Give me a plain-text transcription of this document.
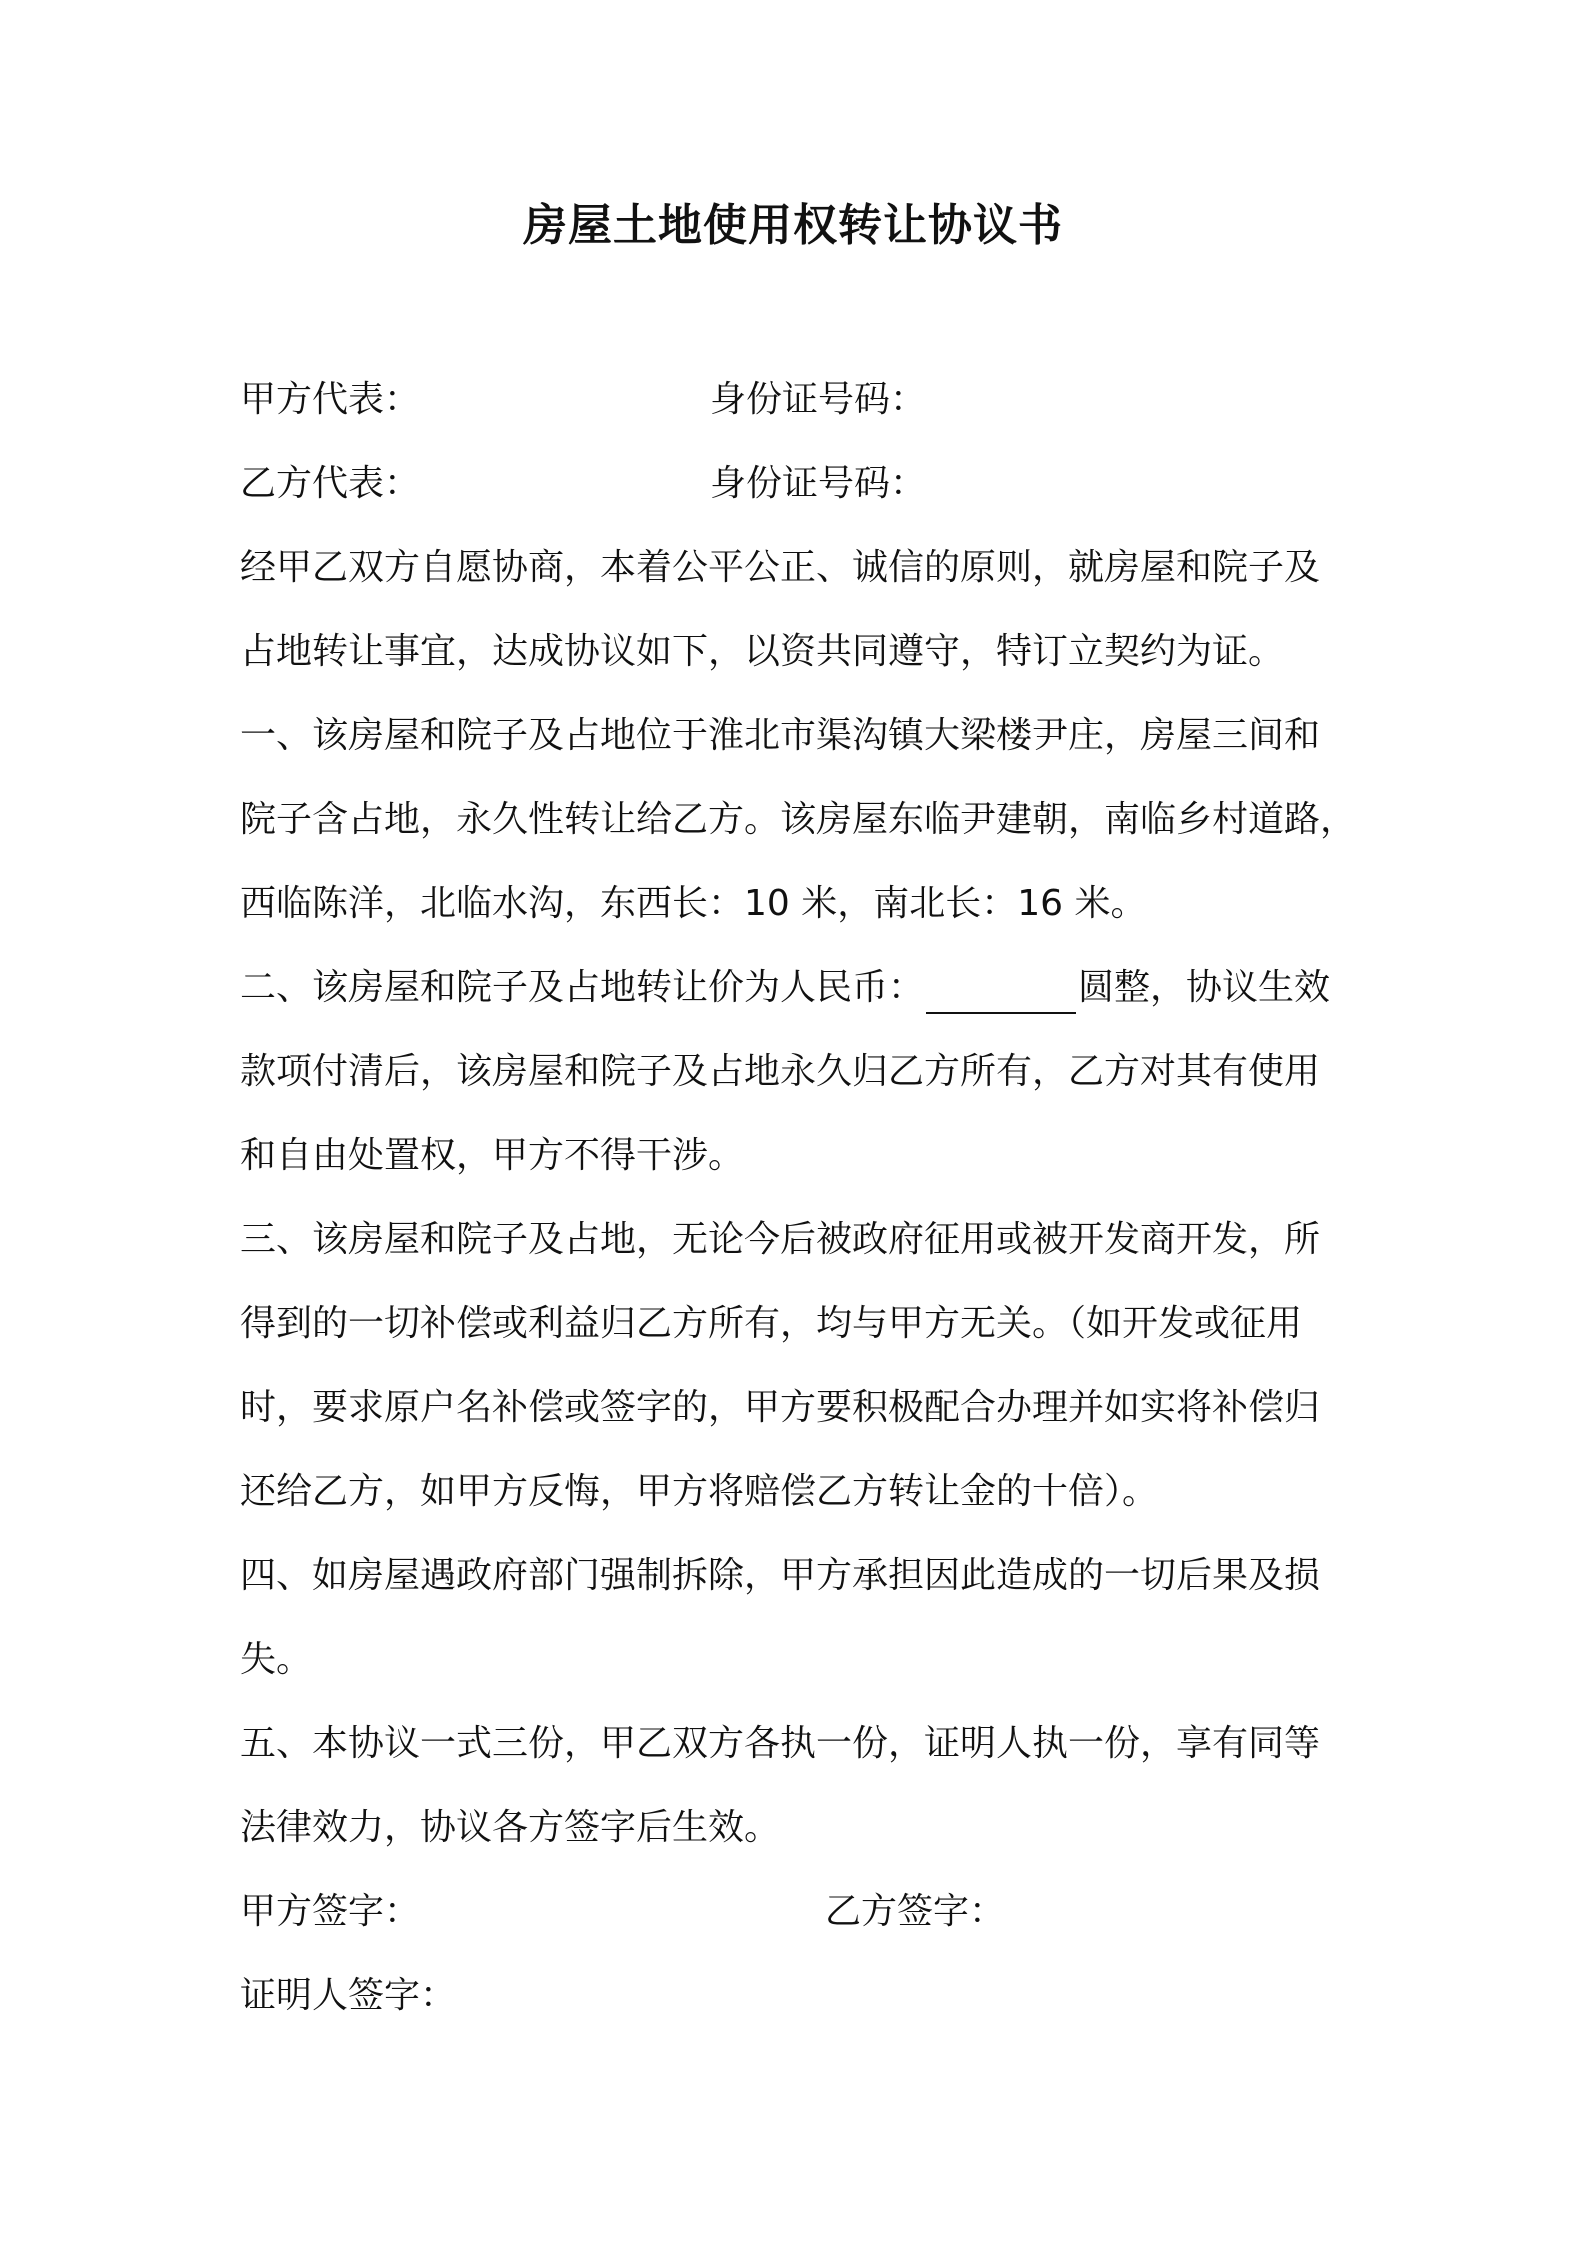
房屋土地使用权转让协议书
甲方代表：	身份证号码：
乙方代表：	身份证号码：
经甲乙双方自愿协商，本着公平公正、诚信的原则，就房屋和院子及
占地转让事宜，达成协议如下，以资共同遵守，特订立契约为证。
一、该房屋和院子及占地位于淮北市渠沟镇大梁楼尹庄，房屋三间和
院子含占地，永久性转让给乙方。该房屋东临尹建朝，南临乡村道路，
西临陈洋，北临水沟，东西长：10 米，南北长：16 米。
二、该房屋和院子及占地转让价为人民币：	圆整，协议生效
款项付清后，该房屋和院子及占地永久归乙方所有，乙方对其有使用
和自由处置权，甲方不得干涉。
三、该房屋和院子及占地，无论今后被政府征用或被开发商开发，所
得到的一切补偿或利益归乙方所有，均与甲方无关。（如开发或征用
时，要求原户名补偿或签字的，甲方要积极配合办理并如实将补偿归
还给乙方，如甲方反悔，甲方将赔偿乙方转让金的十倍）。
四、如房屋遇政府部门强制拆除，甲方承担因此造成的一切后果及损
失。
五、本协议一式三份，甲乙双方各执一份，证明人执一份，享有同等
法律效力，协议各方签字后生效。
甲方签字：	乙方签字：
证明人签字：
